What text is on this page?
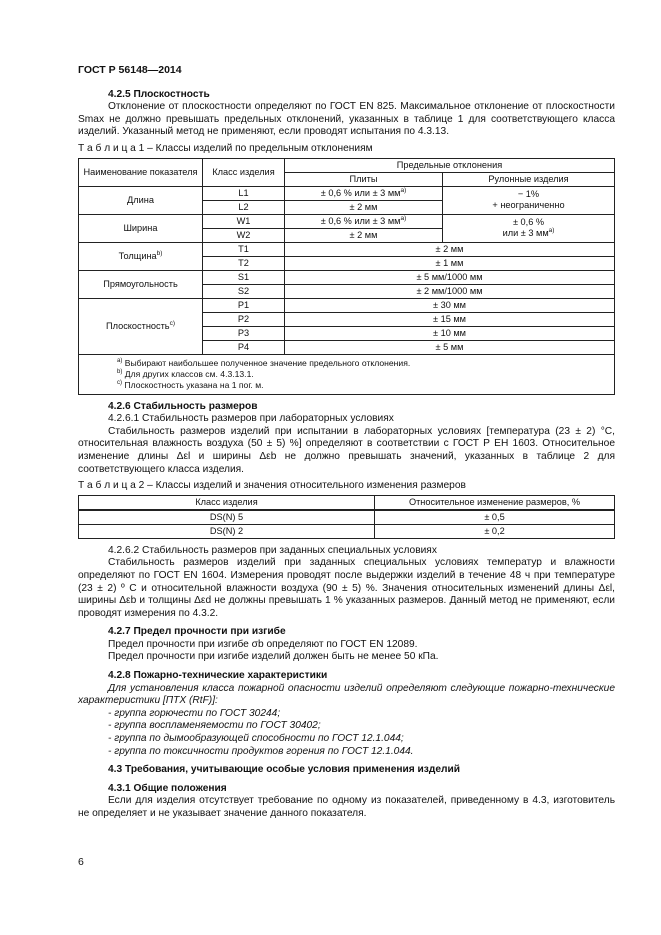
ГОСТ Р 56148—2014
4.2.5 Плоскостность

Отклонение от плоскостности определяют по ГОСТ EN 825. Максимальное отклонение от плоскостности Smax не должно превышать предельных отклонений, указанных в таблице 1 для соответствующего класса изделий. Указанный метод не применяют, если проводят испытания по 4.3.13.

Т а б л и ц а 1 – Классы изделий по предельным отклонениям
Наименование показателя	Класс изделия	Предельные отклонения	
		Плиты	Рулонные изделия
Длина	L1	± 0,6 % или ± 3 $мм^{a)}$	− 1%
+ неограниченно
	L2	± 2 мм	
Ширина	W1	± 0,6 % или ± 3 $мм^{a)}$	± 0,6 %
или ± 3 $мм^{a)}$
	W2	± 2 мм	
Толщина$^{b)}$	T1	± 2 мм	
	T2	± 1 мм	
Прямоугольность	S1	± 5 мм/1000 мм	
	S2	± 2 мм/1000 мм	
Плоскостность$^{c)}$	P1	± 30 мм	
	P2	± 15 мм	
	P3	± 10 мм	
	P4	± 5 мм	

$^{a)}$ Выбирают наибольшее полученное значение предельного отклонения.
$^{b)}$ Для других классов см. 4.3.13.1.
$^{c)}$ Плоскостность указана на 1 пог. м.			
4.2.6 Стабильность размеров
4.2.6.1 Стабильность размеров при лабораторных условиях

Стабильность размеров изделий при испытании в лабораторных условиях [температура (23 ± 2) °С, относительная влажность воздуха (50 ± 5) %] определяют в соответствии с ГОСТ Р ЕН 1603. Относительное изменение длины Δεl и ширины Δεb не должно превышать значений, указанных в таблице 2 для соответствующего класса изделия.

Т а б л и ц а 2 – Классы изделий и значения относительного изменения размеров
Класс изделия	Относительное изменение размеров, %
DS(N) 5	± 0,5
DS(N) 2	± 0,2
4.2.6.2 Стабильность размеров при заданных специальных условиях

Стабильность размеров изделий при заданных специальных условиях температур и влажности определяют по ГОСТ EN 1604. Измерения проводят после выдержки изделий в течение 48 ч при температуре (23 ± 2) º С и относительной влажности воздуха (90 ± 5) %. Значения относительных изменений длины Δεl, ширины Δεb и толщины Δεd не должны превышать 1 % указанных размеров. Данный метод не применяют, если проводят измерения по 4.3.2.

4.2.7 Предел прочности при изгибе
Предел прочности при изгибе σb определяют по ГОСТ EN 12089.
Предел прочности при изгибе изделий должен быть не менее 50 кПа.
4.2.8 Пожарно-технические характеристики

Для установления класса пожарной опасности изделий определяют следующие пожарно-технические характеристики [ПТХ (RtF)]:

- группа горючести по ГОСТ 30244;
- группа воспламеняемости по ГОСТ 30402;
- группа по дымообразующей способности по ГОСТ 12.1.044;
- группа по токсичности продуктов горения по ГОСТ 12.1.044.
4.3 Требования, учитывающие особые условия применения изделий
4.3.1 Общие положения

Если для изделия отсутствует требование по одному из показателей, приведенному в 4.3, изготовитель не определяет и не указывает значение данного показателя.

6
